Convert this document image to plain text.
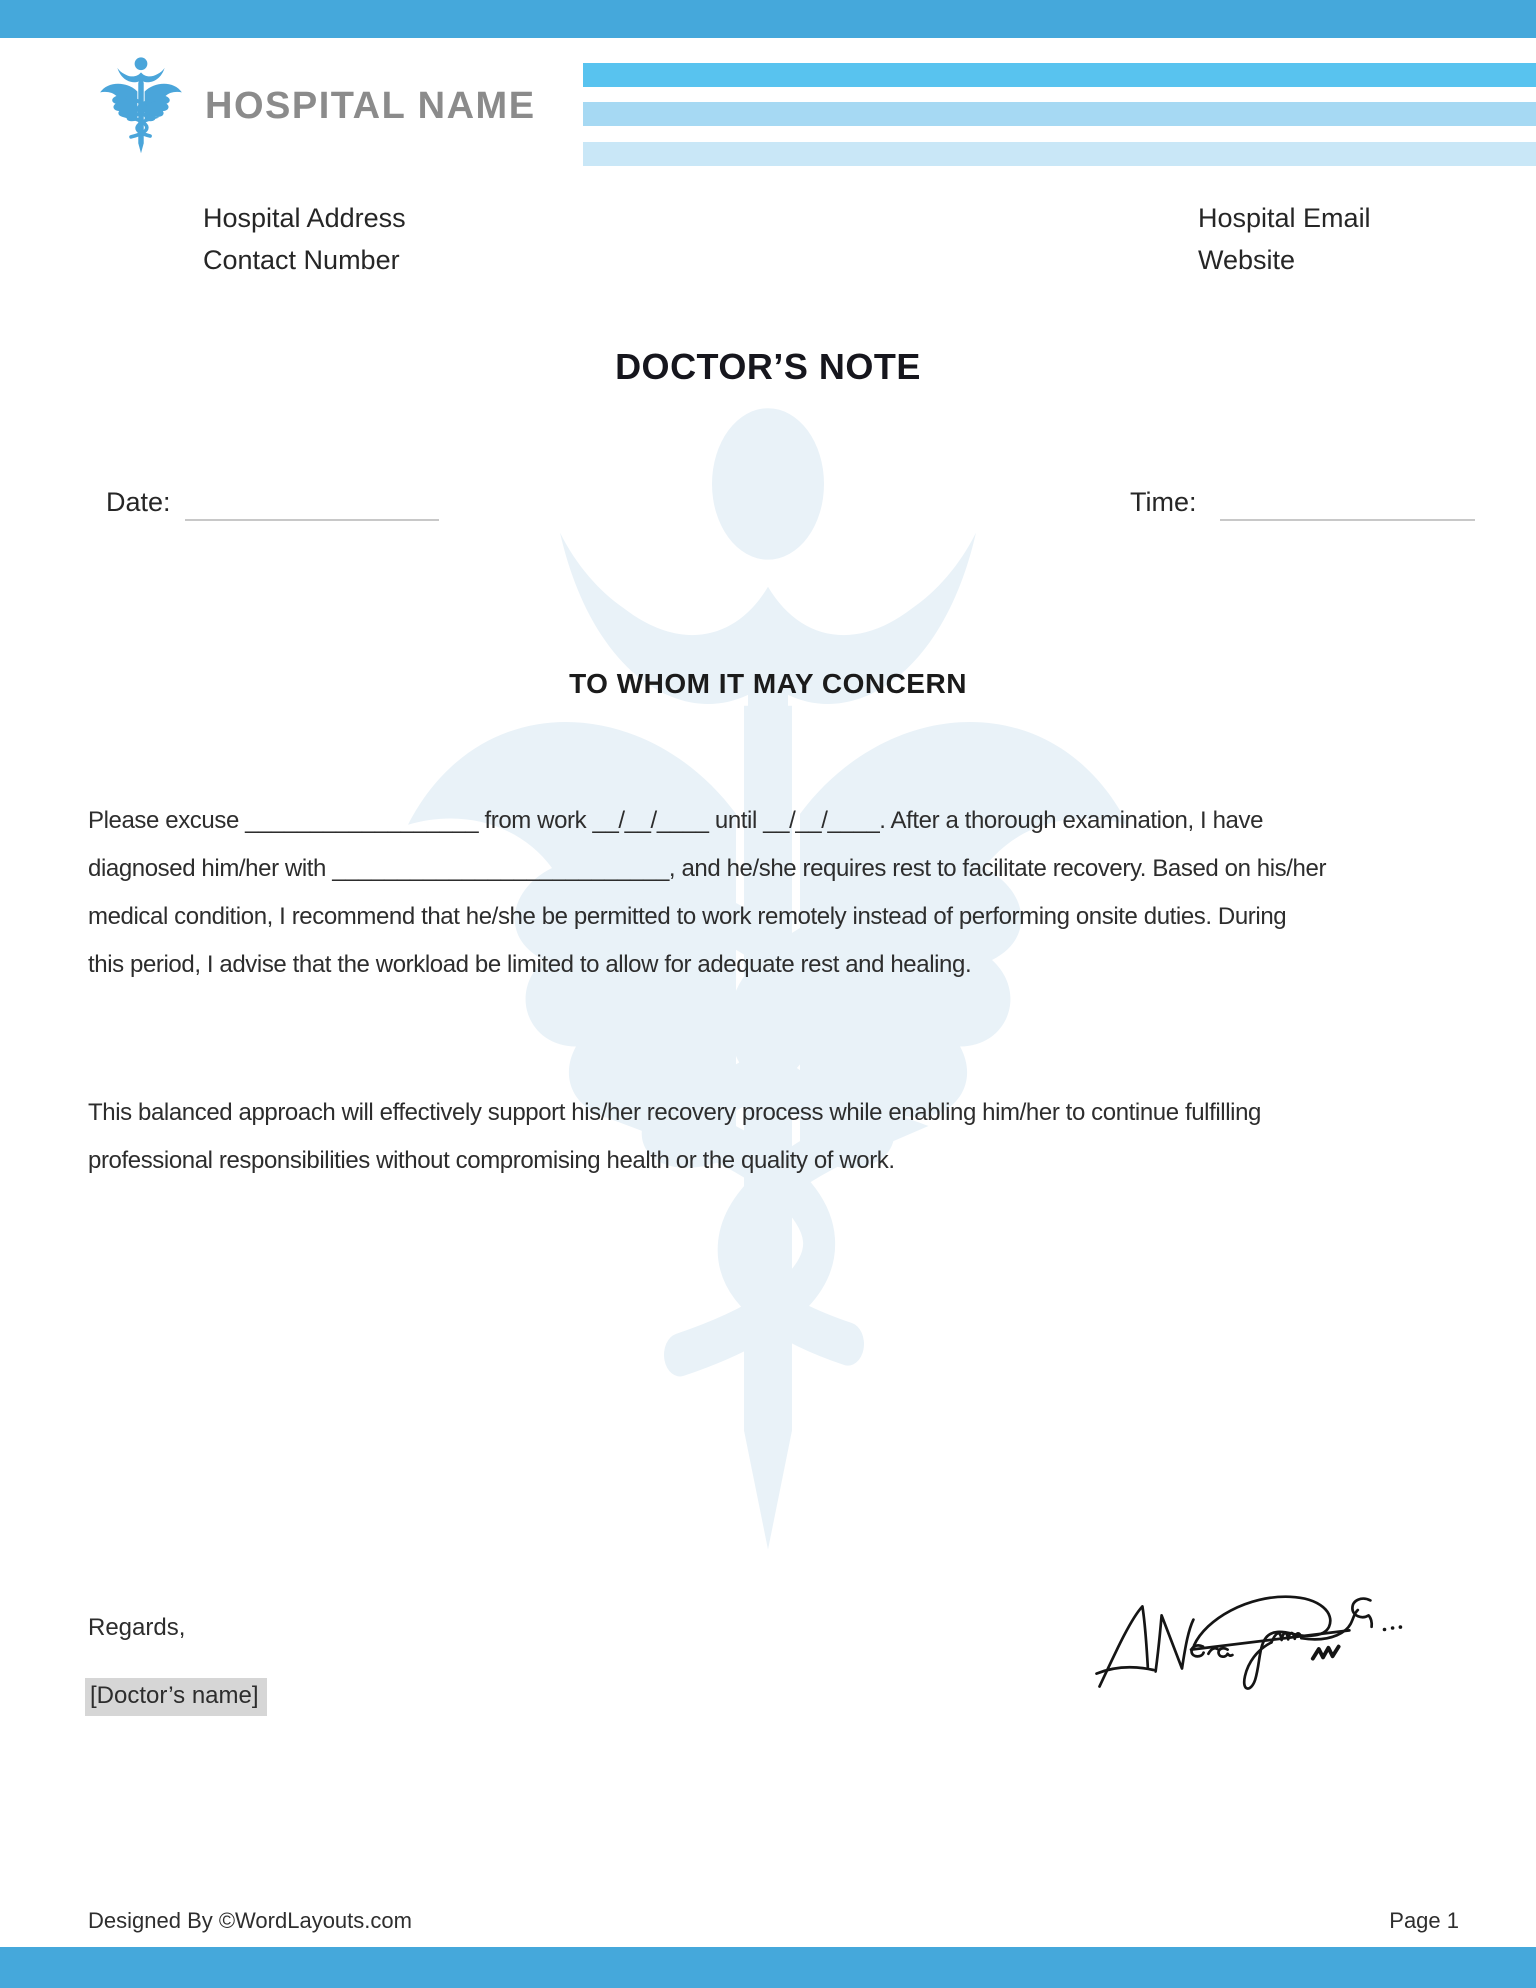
HOSPITAL NAME
Hospital Address
Contact Number
Hospital Email
Website
DOCTOR’S NOTE
Date:	Time:
TO WHOM IT MAY CONCERN
Please excuse __________________ from work __/__/____ until __/__/____. After a thorough examination, I have
diagnosed him/her with __________________________, and he/she requires rest to facilitate recovery. Based on his/her
medical condition, I recommend that he/she be permitted to work remotely instead of performing onsite duties. During
this period, I advise that the workload be limited to allow for adequate rest and healing.
This balanced approach will effectively support his/her recovery process while enabling him/her to continue fulfilling
professional responsibilities without compromising health or the quality of work.
Regards,
[Doctor’s name]
Designed By ©WordLayouts.com	Page 1
